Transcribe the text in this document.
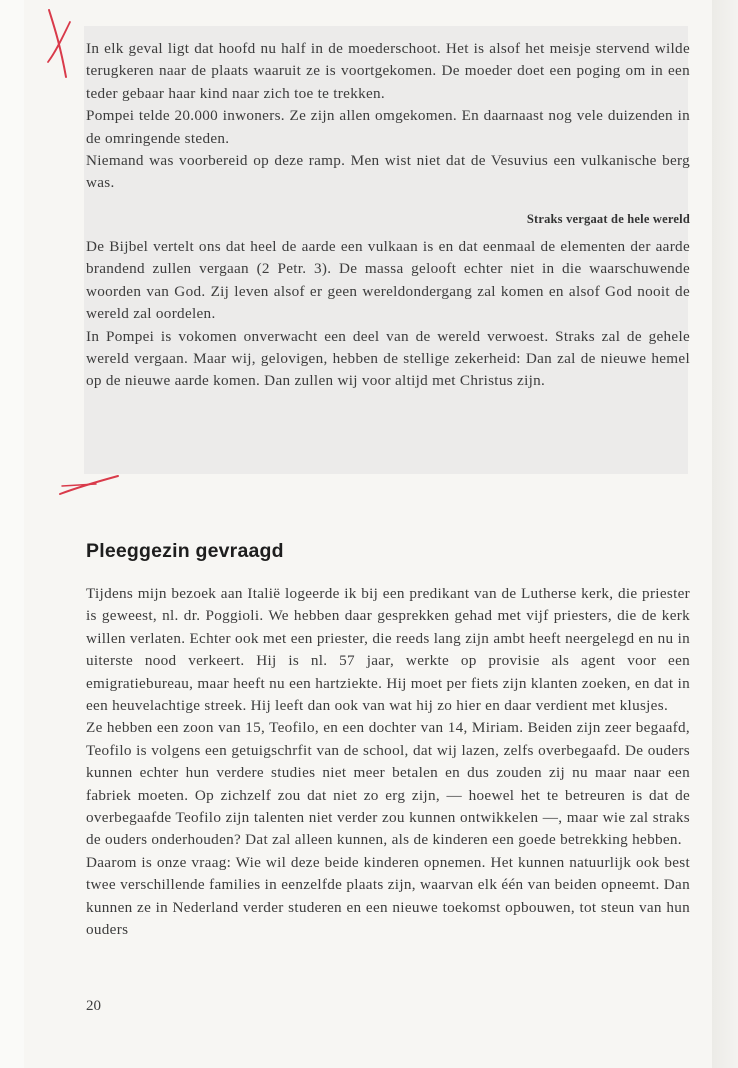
In elk geval ligt dat hoofd nu half in de moederschoot. Het is alsof het meisje stervend wilde terugkeren naar de plaats waaruit ze is voortgekomen. De moeder doet een poging om in een teder gebaar haar kind naar zich toe te trekken.

Pompei telde 20.000 inwoners. Ze zijn allen omgekomen. En daarnaast nog vele duizenden in de omringende steden.

Niemand was voorbereid op deze ramp. Men wist niet dat de Vesuvius een vulkanische berg was.

Straks vergaat de hele wereld

De Bijbel vertelt ons dat heel de aarde een vulkaan is en dat eenmaal de elementen der aarde brandend zullen vergaan (2 Petr. 3). De massa gelooft echter niet in die waarschuwende woorden van God. Zij leven alsof er geen wereldondergang zal komen en alsof God nooit de wereld zal oordelen.

In Pompei is vokomen onverwacht een deel van de wereld verwoest. Straks zal de gehele wereld vergaan. Maar wij, gelovigen, hebben de stellige zekerheid: Dan zal de nieuwe hemel op de nieuwe aarde komen. Dan zullen wij voor altijd met Christus zijn.

Pleeggezin gevraagd

Tijdens mijn bezoek aan Italië logeerde ik bij een predikant van de Lutherse kerk, die priester is geweest, nl. dr. Poggioli. We hebben daar gesprekken gehad met vijf priesters, die de kerk willen verlaten. Echter ook met een priester, die reeds lang zijn ambt heeft neergelegd en nu in uiterste nood verkeert. Hij is nl. 57 jaar, werkte op provisie als agent voor een emigratiebureau, maar heeft nu een hartziekte. Hij moet per fiets zijn klanten zoeken, en dat in een heuvelachtige streek. Hij leeft dan ook van wat hij zo hier en daar verdient met klusjes.

Ze hebben een zoon van 15, Teofilo, en een dochter van 14, Miriam. Beiden zijn zeer begaafd, Teofilo is volgens een getuigschrfit van de school, dat wij lazen, zelfs overbegaafd. De ouders kunnen echter hun verdere studies niet meer betalen en dus zouden zij nu maar naar een fabriek moeten. Op zichzelf zou dat niet zo erg zijn, — hoewel het te betreuren is dat de overbegaafde Teofilo zijn talenten niet verder zou kunnen ontwikkelen —, maar wie zal straks de ouders onderhouden? Dat zal alleen kunnen, als de kinderen een goede betrekking hebben.

Daarom is onze vraag: Wie wil deze beide kinderen opnemen. Het kunnen natuurlijk ook best twee verschillende families in eenzelfde plaats zijn, waarvan elk één van beiden opneemt. Dan kunnen ze in Nederland verder studeren en een nieuwe toekomst opbouwen, tot steun van hun ouders

20
